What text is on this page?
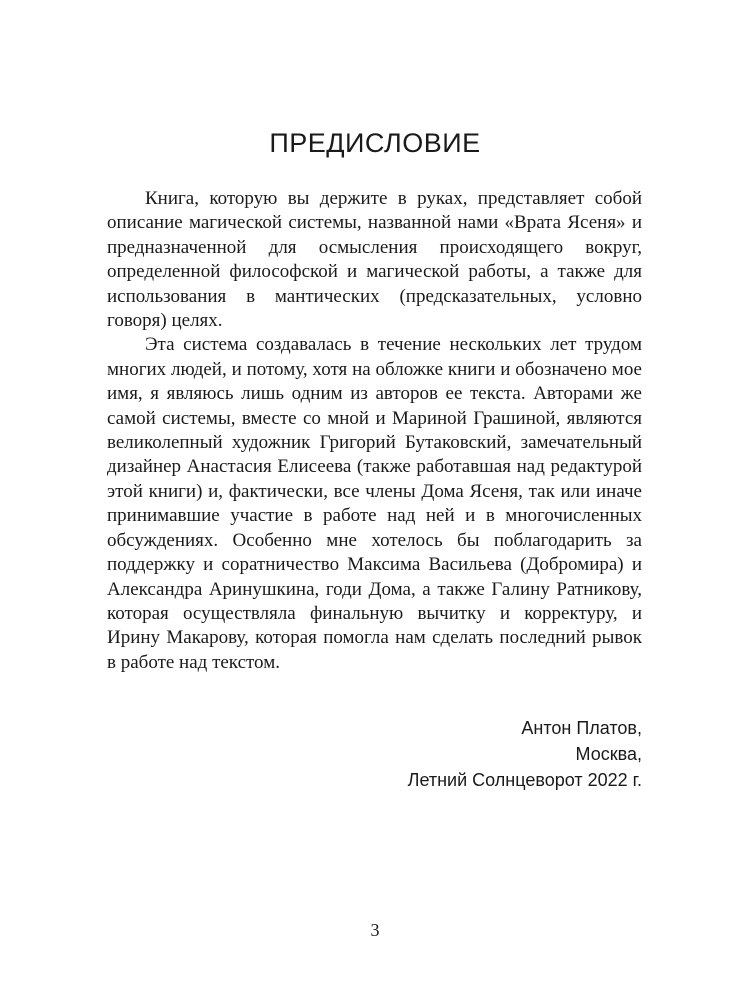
ПРЕДИСЛОВИЕ

Книга, которую вы держите в руках, представляет собой описание магической системы, названной нами «Врата Ясеня» и предназначенной для осмысления происходящего вокруг, определенной философской и магической работы, а также для использования в мантических (предсказательных, условно говоря) целях.

Эта система создавалась в течение нескольких лет трудом многих людей, и потому, хотя на обложке книги и обозначено мое имя, я являюсь лишь одним из авторов ее текста. Авторами же самой системы, вместе со мной и Мариной Грашиной, являются великолепный художник Григорий Бутаковский, замечательный дизайнер Анастасия Елисеева (также работавшая над редактурой этой книги) и, фактически, все члены Дома Ясеня, так или иначе принимавшие участие в работе над ней и в многочисленных обсуждениях. Особенно мне хотелось бы поблагодарить за поддержку и соратничество Максима Васильева (Добромира) и Александра Аринушкина, годи Дома, а также Галину Ратникову, которая осуществляла финальную вычитку и корректуру, и Ирину Макарову, которая помогла нам сделать последний рывок в работе над текстом.

Антон Платов,
Москва,
Летний Солнцеворот 2022 г.
3
